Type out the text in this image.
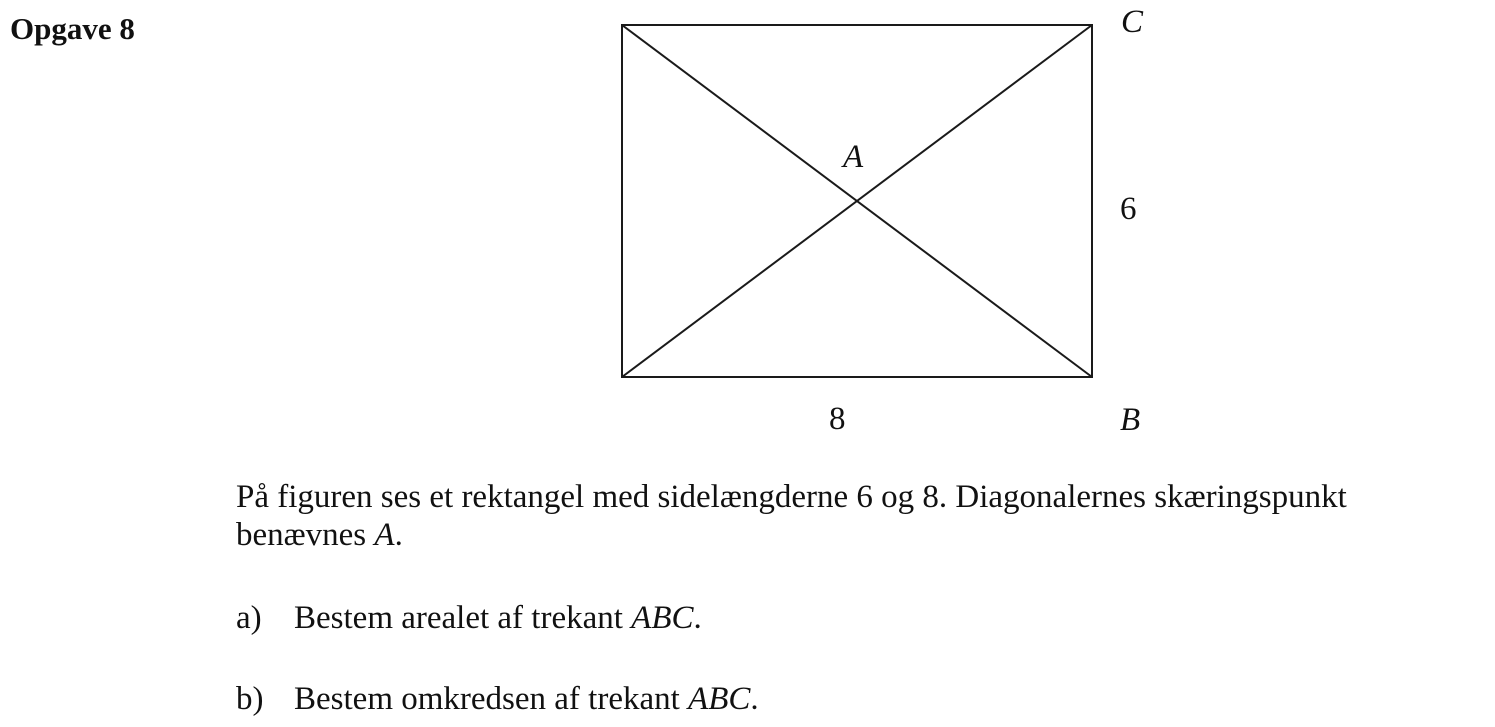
Opgave 8	C
A
6
8	B

På figuren ses et rektangel med sidelængderne 6 og 8. Diagonalernes skæringspunkt

benævnes A.

a) Bestem arealet af trekant ABC.
b) Bestem omkredsen af trekant ABC.
